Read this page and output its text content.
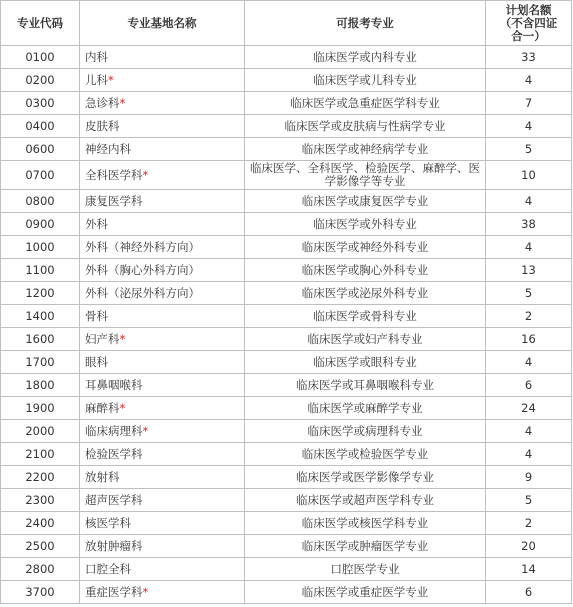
专业代码	专业基地名称	可报考专业	计划名额
（不含四证
合一）

0100	内科	临床医学或内科专业	33
0200	儿科*	临床医学或儿科专业	4
0300	急诊科*	临床医学或急重症医学科专业	7
0400	皮肤科	临床医学或皮肤病与性病学专业	4
0600	神经内科	临床医学或神经病学专业	5
0700	全科医学科*	临床医学、全科医学、检验医学、麻醉学、医学影像学等专业	10
0800	康复医学科	临床医学或康复医学专业	4
0900	外科	临床医学或外科专业	38
1000	外科（神经外科方向）	临床医学或神经外科专业	4
1100	外科（胸心外科方向）	临床医学或胸心外科专业	13
1200	外科（泌尿外科方向）	临床医学或泌尿外科专业	5
1400	骨科	临床医学或骨科专业	2
1600	妇产科*	临床医学或妇产科专业	16
1700	眼科	临床医学或眼科专业	4
1800	耳鼻咽喉科	临床医学或耳鼻咽喉科专业	6
1900	麻醉科*	临床医学或麻醉学专业	24
2000	临床病理科*	临床医学或病理科专业	4
2100	检验医学科	临床医学或检验医学专业	4
2200	放射科	临床医学或医学影像学专业	9
2300	超声医学科	临床医学或超声医学科专业	5
2400	核医学科	临床医学或核医学科专业	2
2500	放射肿瘤科	临床医学或肿瘤医学专业	20
2800	口腔全科	口腔医学专业	14
3700	重症医学科*	临床医学或重症医学专业	6
